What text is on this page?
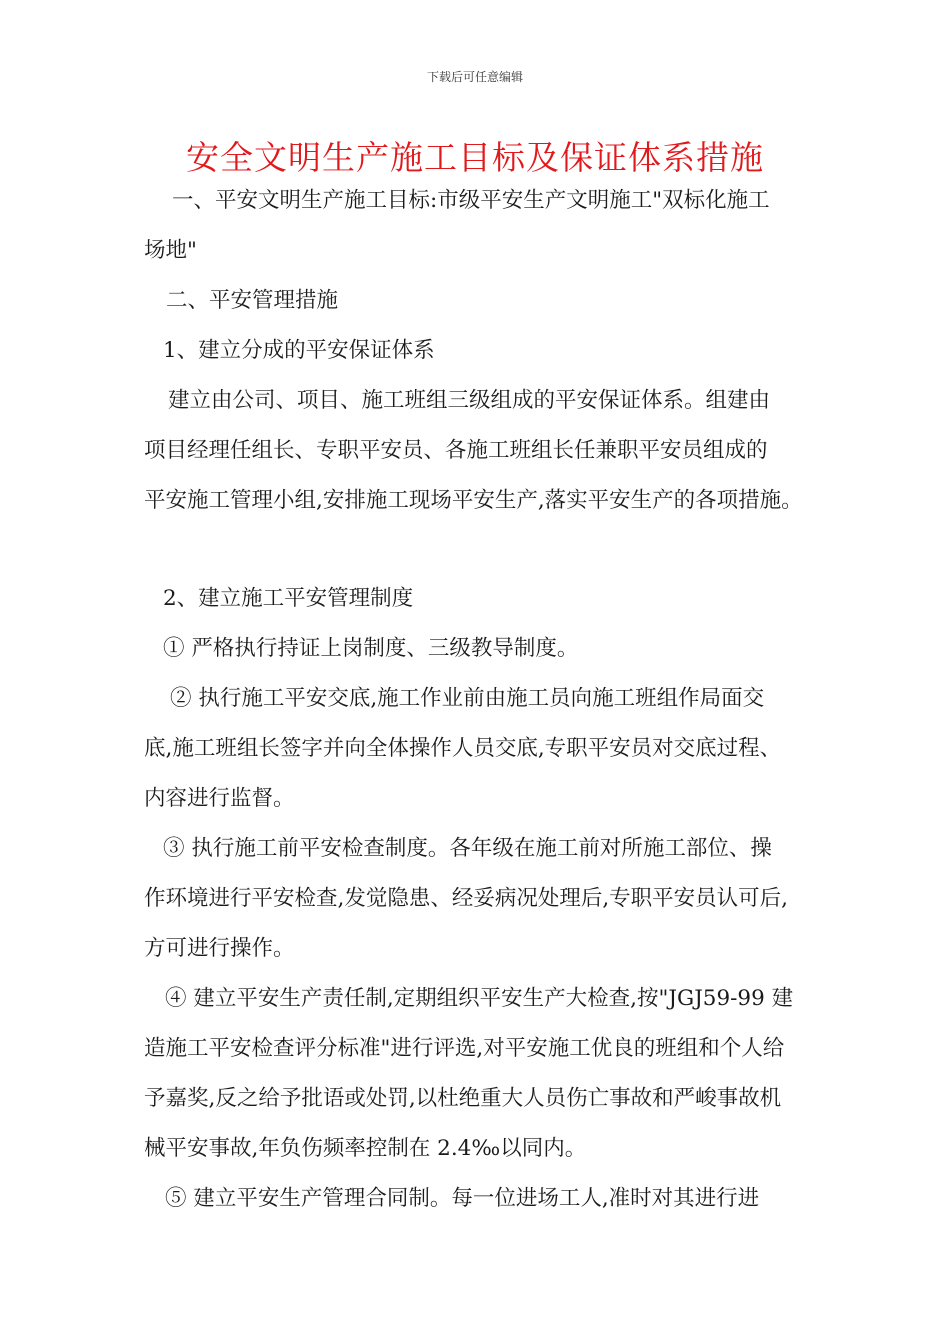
下载后可任意编辑
安全文明生产施工目标及保证体系措施
一、平安文明生产施工目标:市级平安生产文明施工"双标化施工
场地"
二、平安管理措施
1、建立分成的平安保证体系
建立由公司、项目、施工班组三级组成的平安保证体系。组建由
项目经理任组长、专职平安员、各施工班组长任兼职平安员组成的
平安施工管理小组,安排施工现场平安生产,落实平安生产的各项措施。
2、建立施工平安管理制度
① 严格执行持证上岗制度、三级教导制度。
② 执行施工平安交底,施工作业前由施工员向施工班组作局面交
底,施工班组长签字并向全体操作人员交底,专职平安员对交底过程、
内容进行监督。
③ 执行施工前平安检查制度。各年级在施工前对所施工部位、操
作环境进行平安检查,发觉隐患、经妥病况处理后,专职平安员认可后,
方可进行操作。
④ 建立平安生产责任制,定期组织平安生产大检查,按"JGJ59-99 建
造施工平安检查评分标准"进行评选,对平安施工优良的班组和个人给
予嘉奖,反之给予批语或处罚,以杜绝重大人员伤亡事故和严峻事故机
械平安事故,年负伤频率控制在 2.4‰以同内。
⑤ 建立平安生产管理合同制。每一位进场工人,准时对其进行进
